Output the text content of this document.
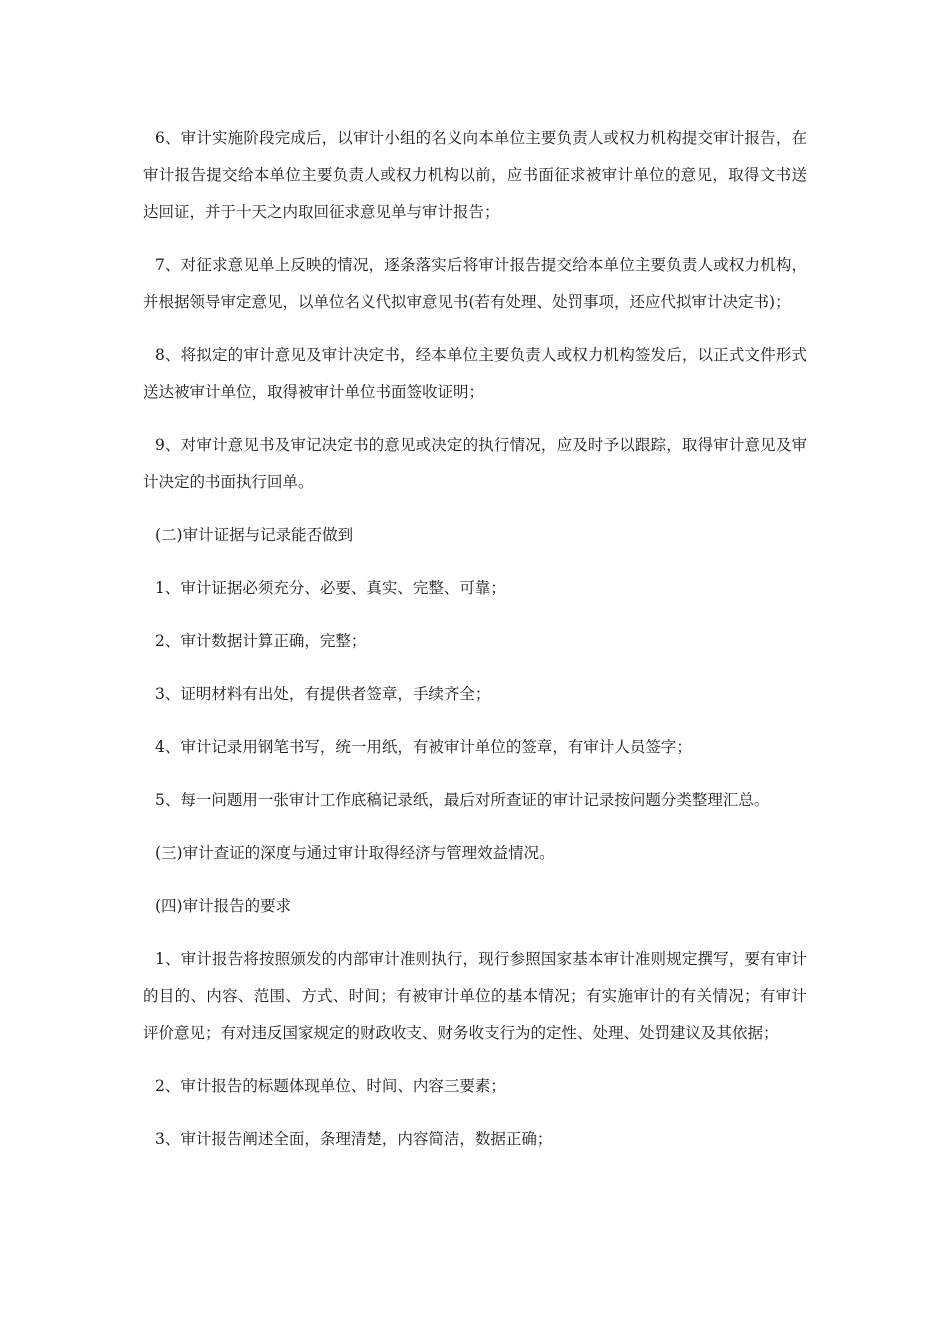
6、审计实施阶段完成后，以审计小组的名义向本单位主要负责人或权力机构提交审计报告，在审计报告提交给本单位主要负责人或权力机构以前，应书面征求被审计单位的意见，取得文书送达回证，并于十天之内取回征求意见单与审计报告；

7、对征求意见单上反映的情况，逐条落实后将审计报告提交给本单位主要负责人或权力机构，并根据领导审定意见，以单位名义代拟审意见书(若有处理、处罚事项，还应代拟审计决定书)；

8、将拟定的审计意见及审计决定书，经本单位主要负责人或权力机构签发后，以正式文件形式送达被审计单位，取得被审计单位书面签收证明；

9、对审计意见书及审记决定书的意见或决定的执行情况，应及时予以跟踪，取得审计意见及审计决定的书面执行回单。

(二)审计证据与记录能否做到

1、审计证据必须充分、必要、真实、完整、可靠；

2、审计数据计算正确，完整；

3、证明材料有出处，有提供者签章，手续齐全；

4、审计记录用钢笔书写，统一用纸，有被审计单位的签章，有审计人员签字；

5、每一问题用一张审计工作底稿记录纸，最后对所查证的审计记录按问题分类整理汇总。

(三)审计查证的深度与通过审计取得经济与管理效益情况。

(四)审计报告的要求

1、审计报告将按照颁发的内部审计准则执行，现行参照国家基本审计准则规定撰写，要有审计的目的、内容、范围、方式、时间；有被审计单位的基本情况；有实施审计的有关情况；有审计评价意见；有对违反国家规定的财政收支、财务收支行为的定性、处理、处罚建议及其依据；

2、审计报告的标题体现单位、时间、内容三要素；

3、审计报告阐述全面，条理清楚，内容简洁，数据正确；
